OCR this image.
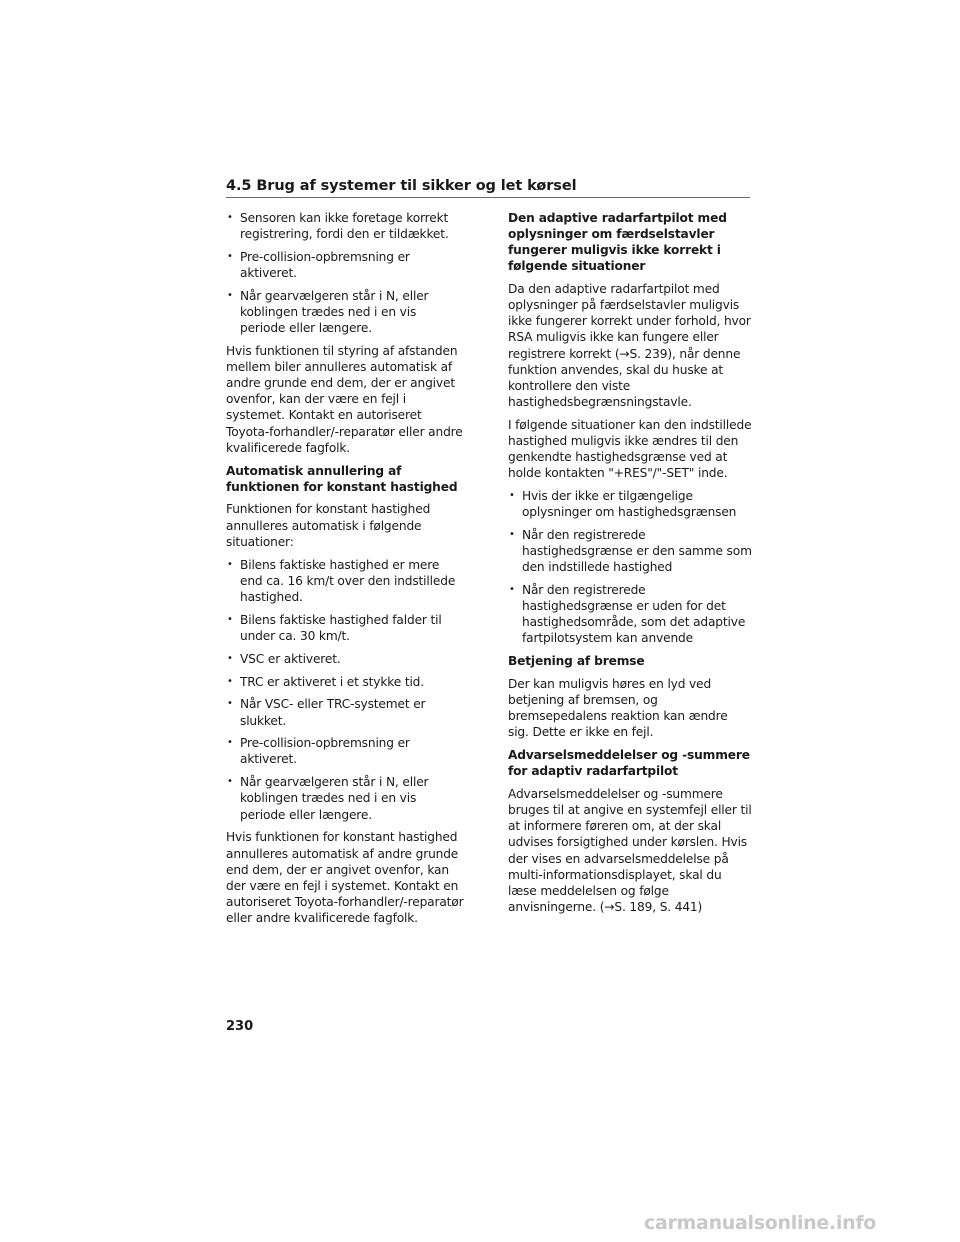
4.5 Brug af systemer til sikker og let kørsel
• Sensoren kan ikke foretage korrekt registrering, fordi den er tildækket.
• Pre-collision-opbremsning er aktiveret.
• Når gearvælgeren står i N, eller koblingen trædes ned i en vis periode eller længere.
Hvis funktionen til styring af afstanden mellem biler annulleres automatisk af andre grunde end dem, der er angivet ovenfor, kan der være en fejl i systemet. Kontakt en autoriseret Toyota-forhandler/-reparatør eller andre kvalificerede fagfolk.
Automatisk annullering af funktionen for konstant hastighed
Funktionen for konstant hastighed annulleres automatisk i følgende situationer:
• Bilens faktiske hastighed er mere end ca. 16 km/t over den indstillede hastighed.
• Bilens faktiske hastighed falder til under ca. 30 km/t.
• VSC er aktiveret.
• TRC er aktiveret i et stykke tid.
• Når VSC- eller TRC-systemet er slukket.
• Pre-collision-opbremsning er aktiveret.
• Når gearvælgeren står i N, eller koblingen trædes ned i en vis periode eller længere.
Hvis funktionen for konstant hastighed annulleres automatisk af andre grunde end dem, der er angivet ovenfor, kan der være en fejl i systemet. Kontakt en autoriseret Toyota-forhandler/-reparatør eller andre kvalificerede fagfolk.
Den adaptive radarfartpilot med oplysninger om færdselstavler fungerer muligvis ikke korrekt i følgende situationer
Da den adaptive radarfartpilot med oplysninger på færdselstavler muligvis ikke fungerer korrekt under forhold, hvor RSA muligvis ikke kan fungere eller registrere korrekt (→S. 239), når denne funktion anvendes, skal du huske at kontrollere den viste hastighedsbegrænsningstavle.
I følgende situationer kan den indstillede hastighed muligvis ikke ændres til den genkendte hastighedsgrænse ved at holde kontakten "+RES"/"-SET" inde.
• Hvis der ikke er tilgængelige oplysninger om hastighedsgrænsen
• Når den registrerede hastighedsgrænse er den samme som den indstillede hastighed
• Når den registrerede hastighedsgrænse er uden for det hastighedsområde, som det adaptive fartpilotsystem kan anvende
Betjening af bremse
Der kan muligvis høres en lyd ved betjening af bremsen, og bremsepedalens reaktion kan ændre sig. Dette er ikke en fejl.
Advarselsmeddelelser og -summere for adaptiv radarfartpilot
Advarselsmeddelelser og -summere bruges til at angive en systemfejl eller til at informere føreren om, at der skal udvises forsigtighed under kørslen. Hvis der vises en advarselsmeddelelse på multi-informationsdisplayet, skal du læse meddelelsen og følge anvisningerne. (→S. 189, S. 441)
230
carmanualsonline.info
